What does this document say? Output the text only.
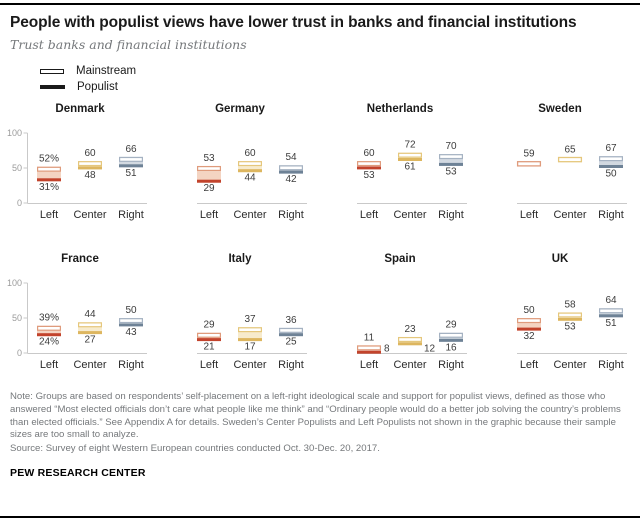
People with populist views have lower trust in banks and financial institutions
Trust banks and financial institutions
Mainstream
Populist
Denmark
100
50
0
31%
52%
Left
48
60
Center
51
66
Right
Germany
29
53
Left
44
60
Center
42
54
Right
Netherlands
53
60
Left
61
72
Center
53
70
Right
Sweden
59
Left
65
Center
50
67
Right
France
100
50
0
24%
39%
Left
27
44
Center
43
50
Right
Italy
21
29
Left
17
37
Center
25
36
Right
Spain
8
11
Left
12
23
Center
16
29
Right
UK
32
50
Left
53
58
Center
51
64
Right

Note: Groups are based on respondents’ self-placement on a left-right ideological scale and support for populist views, defined as those who answered “Most elected officials don’t care what people like me think” and “Ordinary people would do a better job solving the country’s problems than elected officials.” See Appendix A for details. Sweden’s Center Populists and Left Populists not shown in the graphic because their sample sizes are too small to analyze.

Source: Survey of eight Western European countries conducted Oct. 30-Dec. 20, 2017.

PEW RESEARCH CENTER
